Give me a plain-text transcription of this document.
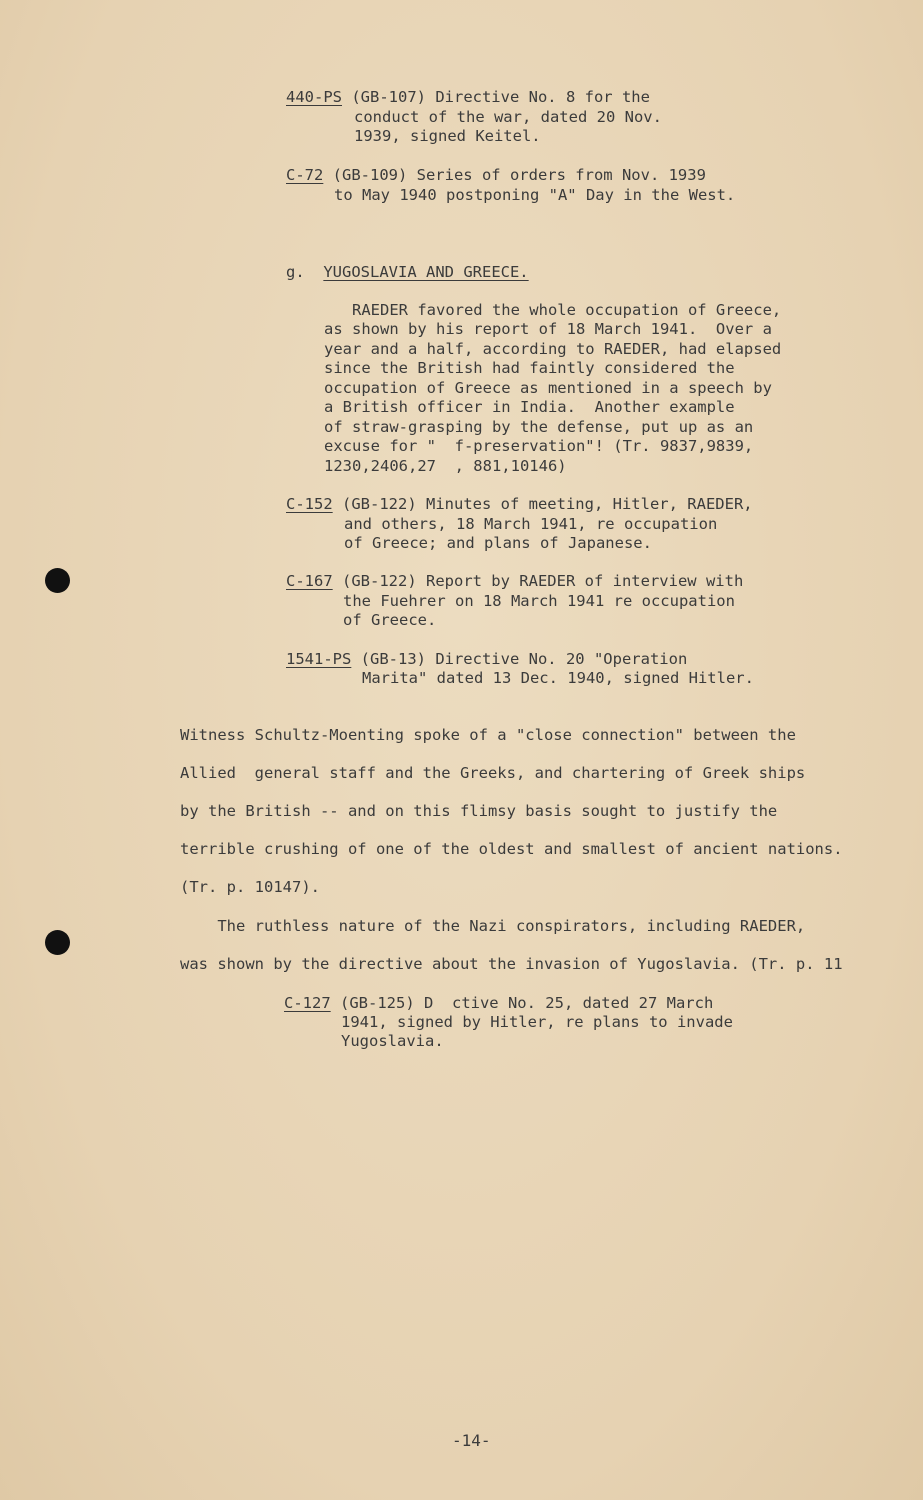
440-PS (GB-107) Directive No. 8 for the
conduct of the war, dated 20 Nov.
1939, signed Keitel.
C-72 (GB-109) Series of orders from Nov. 1939
to May 1940 postponing "A" Day in the West.
g. YUGOSLAVIA AND GREECE.
RAEDER favored the whole occupation of Greece,
as shown by his report of 18 March 1941.  Over a
year and a half, according to RAEDER, had elapsed
since the British had faintly considered the
occupation of Greece as mentioned in a speech by
a British officer in India.  Another example
of straw-grasping by the defense, put up as an
excuse for "  f-preservation"! (Tr. 9837,9839,
1230,2406,27  , 881,10146)
C-152 (GB-122) Minutes of meeting, Hitler, RAEDER,
and others, 18 March 1941, re occupation
of Greece; and plans of Japanese.
C-167 (GB-122) Report by RAEDER of interview with
the Fuehrer on 18 March 1941 re occupation
of Greece.
1541-PS (GB-13) Directive No. 20 "Operation
Marita" dated 13 Dec. 1940, signed Hitler.
Witness Schultz-Moenting spoke of a "close connection" between the
Allied  general staff and the Greeks, and chartering of Greek ships
by the British -- and on this flimsy basis sought to justify the
terrible crushing of one of the oldest and smallest of ancient nations.
(Tr. p. 10147).
The ruthless nature of the Nazi conspirators, including RAEDER,
was shown by the directive about the invasion of Yugoslavia. (Tr. p. 11
C-127 (GB-125) D  ctive No. 25, dated 27 March
1941, signed by Hitler, re plans to invade
Yugoslavia.
-14-
